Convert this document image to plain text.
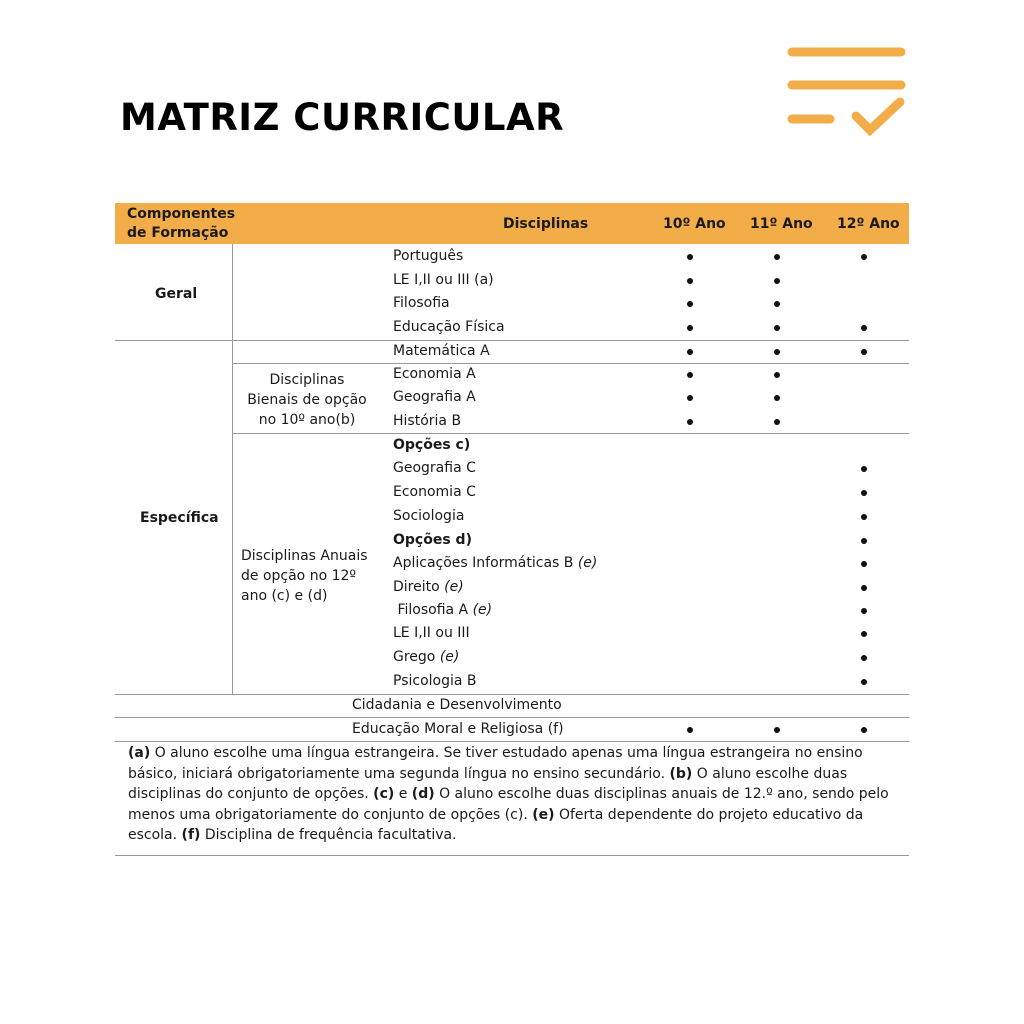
MATRIZ CURRICULAR
Componentes de Formação
Disciplinas	10º Ano 11º Ano 12º Ano
Geral
Específica
Disciplinas Bienais de opção no 10º ano(b)
Disciplinas Anuais de opção no 12º ano (c) e (d)
Português
LE I,II ou III (a)
Filosofia
Educação Física
Matemática A
Economia A
Geografia A
História B
Opções c)
Geografia C
Economia C
Sociologia
Opções d)
Aplicações Informáticas B (e)
Direito (e)
Filosofia A (e)
LE I,II ou III
Grego (e)
Psicologia B
Cidadania e Desenvolvimento
Educação Moral e Religiosa (f)
(a) O aluno escolhe uma língua estrangeira. Se tiver estudado apenas uma língua estrangeira no ensino básico, iniciará obrigatoriamente uma segunda língua no ensino secundário. (b) O aluno escolhe duas disciplinas do conjunto de opções. (c) e (d) O aluno escolhe duas disciplinas anuais de 12.º ano, sendo pelo menos uma obrigatoriamente do conjunto de opções (c). (e) Oferta dependente do projeto educativo da escola. (f) Disciplina de frequência facultativa.
